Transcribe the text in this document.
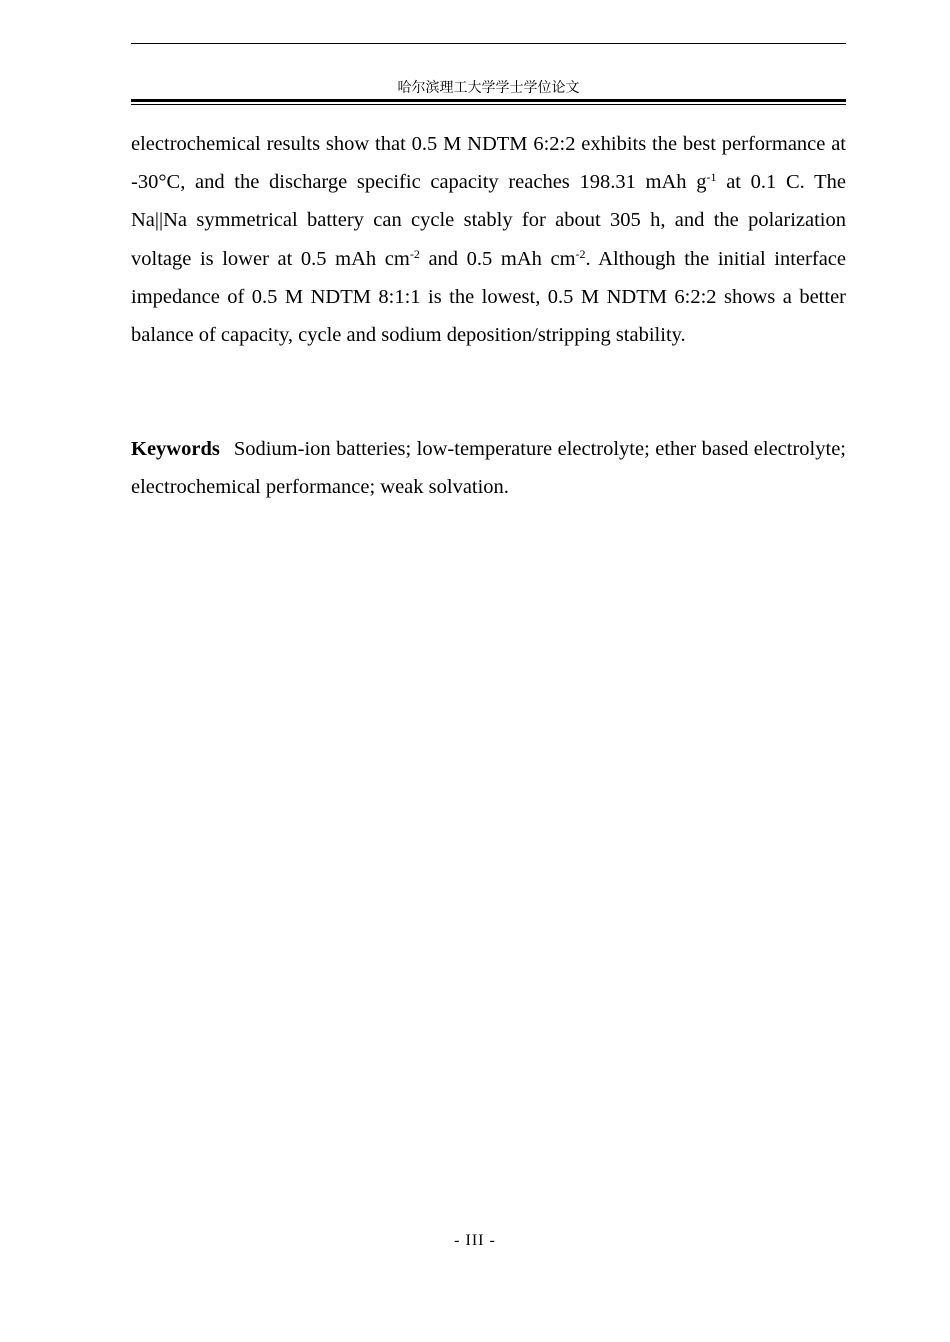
哈尔滨理工大学学士学位论文

electrochemical results show that 0.5 M NDTM 6:2:2 exhibits the best performance at -30°C, and the discharge specific capacity reaches 198.31 mAh $g^{-1}$ at 0.1 C. The Na||Na symmetrical battery can cycle stably for about 305 h, and the polarization voltage is lower at 0.5 mAh $cm^{-2}$ and 0.5 mAh $cm^{-2}$. Although the initial interface impedance of 0.5 M NDTM 8:1:1 is the lowest, 0.5 M NDTM 6:2:2 shows a better balance of capacity, cycle and sodium deposition/stripping stability.

Keywords Sodium-ion batteries; low-temperature electrolyte; ether based electrolyte; electrochemical performance; weak solvation.
- III -
